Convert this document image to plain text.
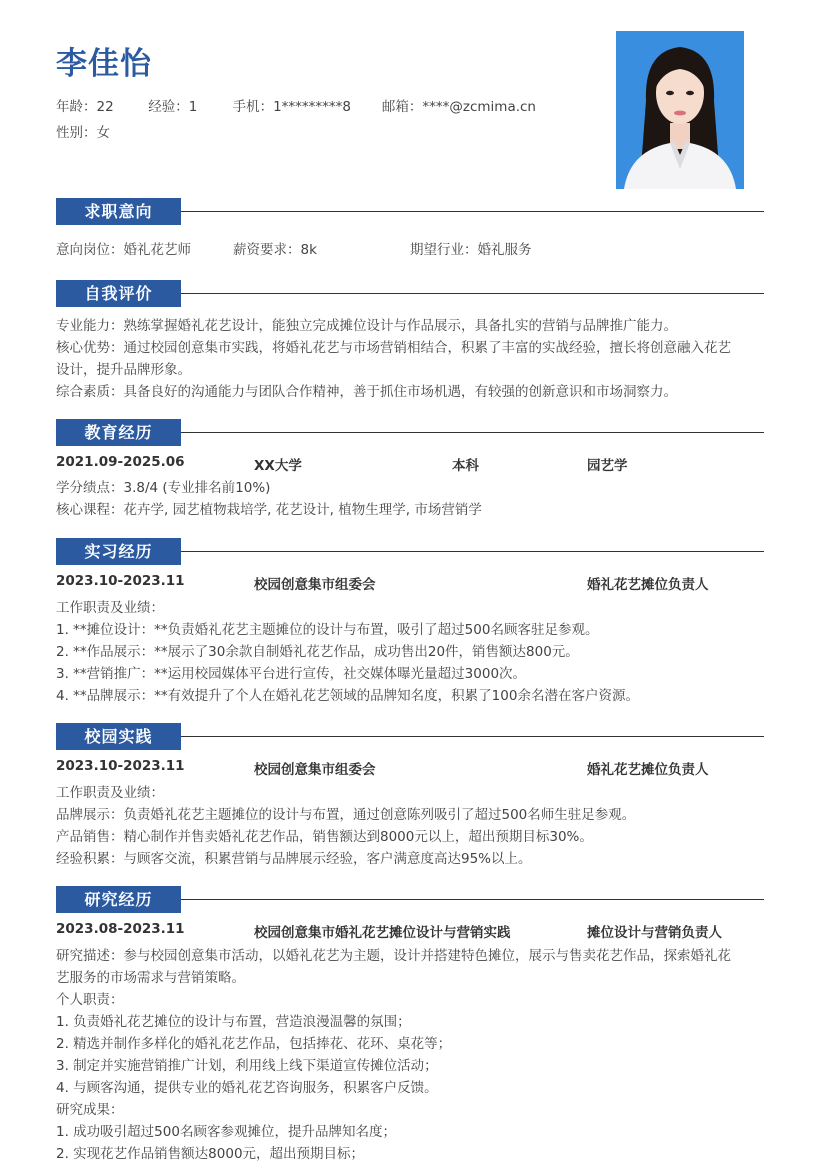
李佳怡
年龄：22	经验：1	手机：1*********8 邮箱：****@zcmima.cn
性别：女
求职意向
意向岗位：婚礼花艺师	薪资要求：8k	期望行业：婚礼服务
自我评价
专业能力：熟练掌握婚礼花艺设计，能独立完成摊位设计与作品展示，具备扎实的营销与品牌推广能力。
核心优势：通过校园创意集市实践，将婚礼花艺与市场营销相结合，积累了丰富的实战经验，擅长将创意融入花艺
设计，提升品牌形象。
综合素质：具备良好的沟通能力与团队合作精神，善于抓住市场机遇，有较强的创新意识和市场洞察力。
教育经历
2021.09-2025.06	XX大学	本科	园艺学
学分绩点：3.8/4 (专业排名前10%)
核心课程：花卉学, 园艺植物栽培学, 花艺设计, 植物生理学, 市场营销学
实习经历
2023.10-2023.11	校园创意集市组委会	婚礼花艺摊位负责人
工作职责及业绩：
1. **摊位设计：**负责婚礼花艺主题摊位的设计与布置，吸引了超过500名顾客驻足参观。
2. **作品展示：**展示了30余款自制婚礼花艺作品，成功售出20件，销售额达800元。
3. **营销推广：**运用校园媒体平台进行宣传，社交媒体曝光量超过3000次。
4. **品牌展示：**有效提升了个人在婚礼花艺领域的品牌知名度，积累了100余名潜在客户资源。
校园实践
2023.10-2023.11	校园创意集市组委会	婚礼花艺摊位负责人
工作职责及业绩：
品牌展示：负责婚礼花艺主题摊位的设计与布置，通过创意陈列吸引了超过500名师生驻足参观。
产品销售：精心制作并售卖婚礼花艺作品，销售额达到8000元以上，超出预期目标30%。
经验积累：与顾客交流，积累营销与品牌展示经验，客户满意度高达95%以上。
研究经历
2023.08-2023.11	校园创意集市婚礼花艺摊位设计与营销实践	摊位设计与营销负责人
研究描述：参与校园创意集市活动，以婚礼花艺为主题，设计并搭建特色摊位，展示与售卖花艺作品，探索婚礼花
艺服务的市场需求与营销策略。
个人职责：
1. 负责婚礼花艺摊位的设计与布置，营造浪漫温馨的氛围；
2. 精选并制作多样化的婚礼花艺作品，包括捧花、花环、桌花等；
3. 制定并实施营销推广计划，利用线上线下渠道宣传摊位活动；
4. 与顾客沟通，提供专业的婚礼花艺咨询服务，积累客户反馈。
研究成果：
1. 成功吸引超过500名顾客参观摊位，提升品牌知名度；
2. 实现花艺作品销售额达8000元，超出预期目标；
